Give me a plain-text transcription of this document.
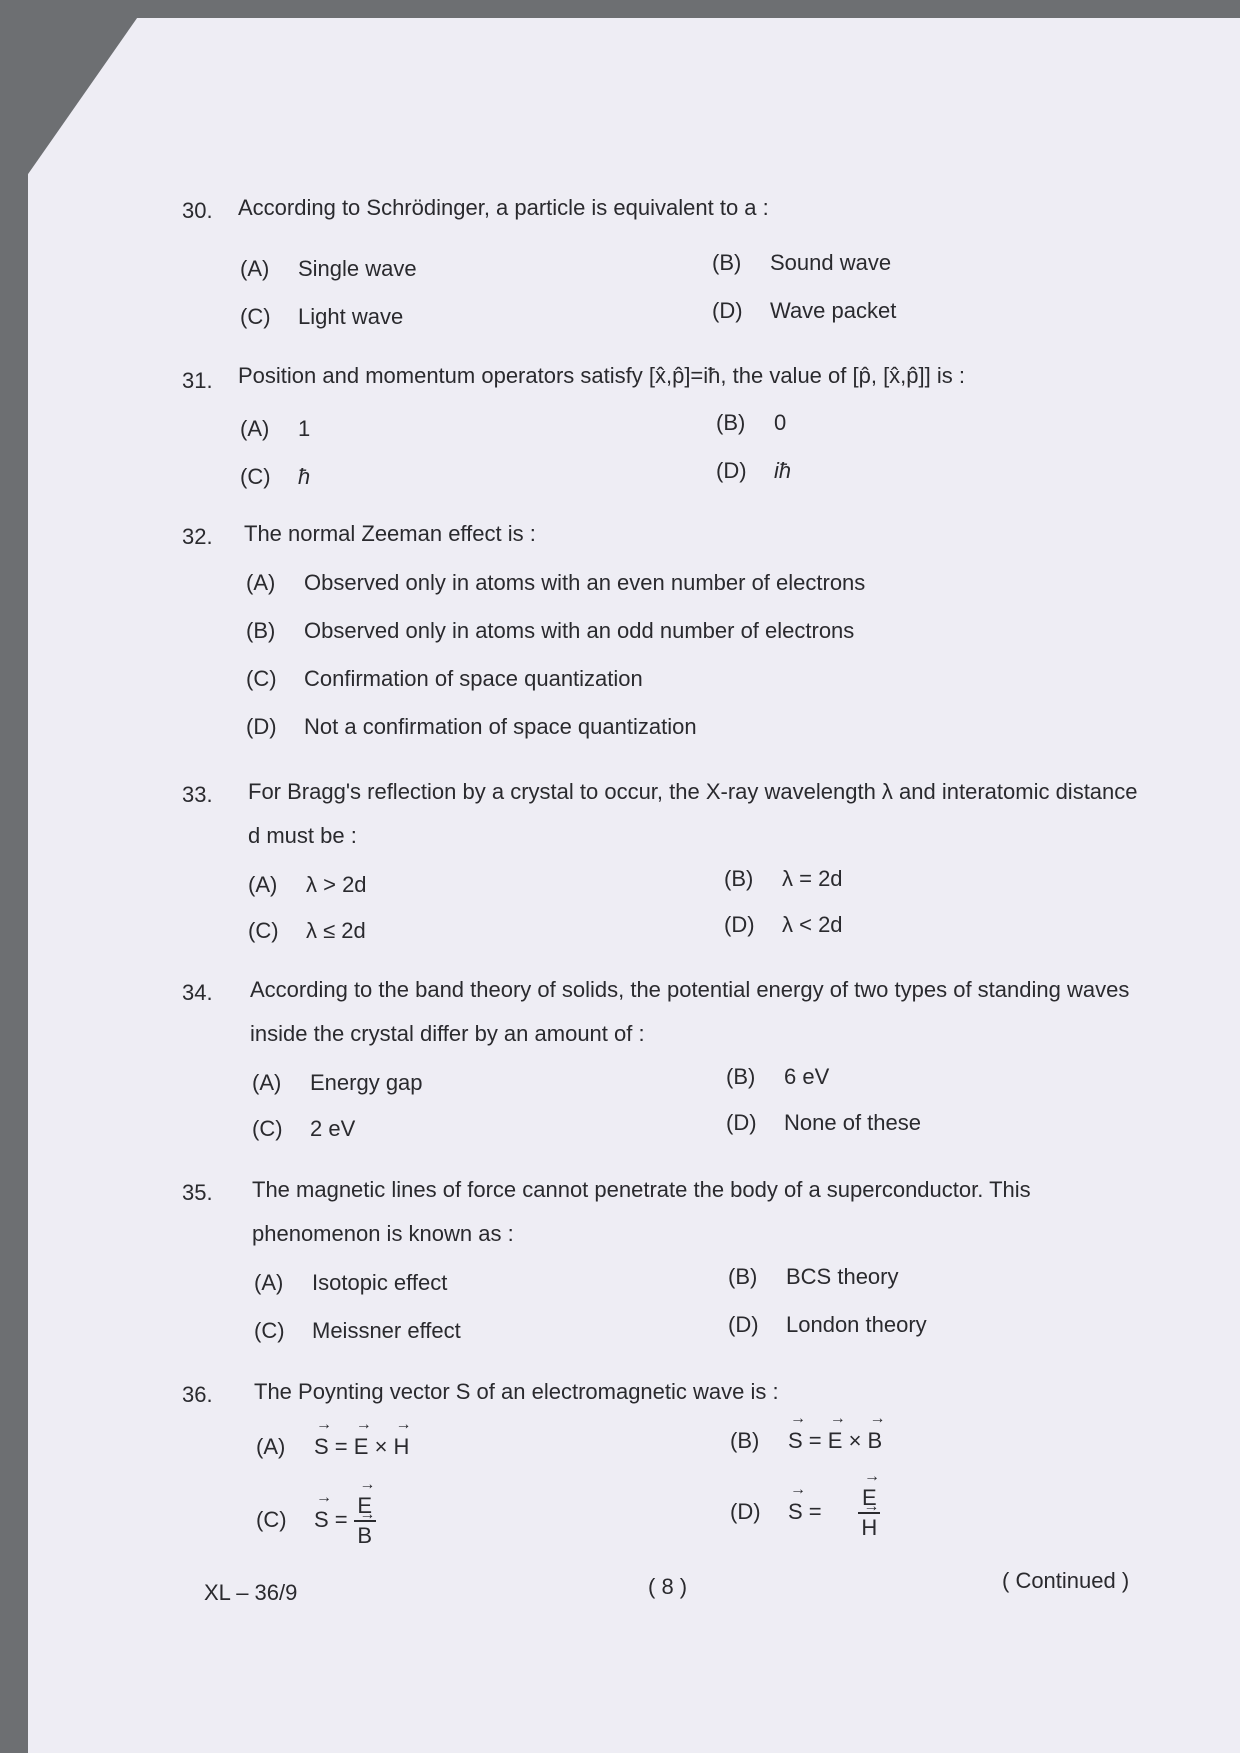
30. According to Schrödinger, a particle is equivalent to a :
(A) Single wave	(B) Sound wave
(C) Light wave	(D) Wave packet
31. Position and momentum operators satisfy [x̂,p̂]=iħ, the value of [p̂, [x̂,p̂]] is :
(A) 1	(B) 0
(C) ħ	(D) iħ
32. The normal Zeeman effect is :
(A) Observed only in atoms with an even number of electrons
(B) Observed only in atoms with an odd number of electrons
(C) Confirmation of space quantization
(D) Not a confirmation of space quantization
33. For Bragg's reflection by a crystal to occur, the X-ray wavelength λ and interatomic distance d must be :
(A) λ > 2d	(B) λ = 2d
(C) λ ≤ 2d	(D) λ < 2d
34. According to the band theory of solids, the potential energy of two types of standing waves inside the crystal differ by an amount of :
(A) Energy gap	(B) 6 eV
(C) 2 eV	(D) None of these
35. The magnetic lines of force cannot penetrate the body of a superconductor. This phenomenon is known as :
(A) Isotopic effect	(B) BCS theory
(C) Meissner effect	(D) London theory
36. The Poynting vector S of an electromagnetic wave is :
(A) → S = → E × → H	(B) → S = → E × → B
(C) → S = → E
→ B	(D) → S = → E
→ H
XL – 36/9	( 8 )	( Continued )
